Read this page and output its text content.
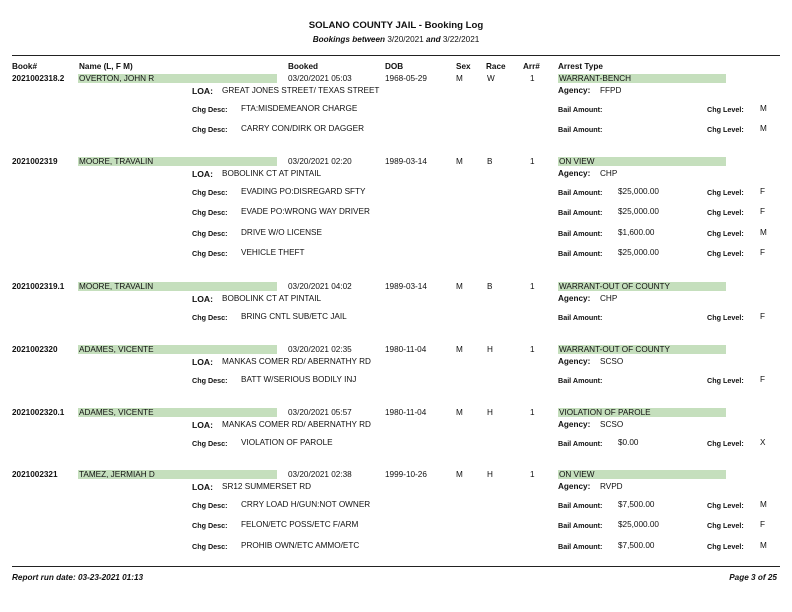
SOLANO COUNTY JAIL - Booking Log
Bookings between 3/20/2021 and 3/22/2021
Book#	Name (L, F M)	Booked	DOB	Sex Race Arr# Arrest Type
2021002318.2 OVERTON, JOHN R	03/20/2021 05:03	1968-05-29	M	W	1	WARRANT-BENCH
LOA: GREAT JONES STREET/ TEXAS STREET	Agency: FFPD
Chg Desc: FTA:MISDEMEANOR CHARGE	Bail Amount:	Chg Level: M
Chg Desc: CARRY CON/DIRK OR DAGGER	Bail Amount:	Chg Level: M
2021002319	MOORE, TRAVALIN	03/20/2021 02:20	1989-03-14	M	B	1	ON VIEW
LOA: BOBOLINK CT AT PINTAIL	Agency: CHP
Chg Desc: EVADING PO:DISREGARD SFTY	Bail Amount: $25,000.00	Chg Level: F
Chg Desc: EVADE PO:WRONG WAY DRIVER	Bail Amount: $25,000.00	Chg Level: F
Chg Desc: DRIVE W/O LICENSE	Bail Amount: $1,600.00	Chg Level: M
Chg Desc: VEHICLE THEFT	Bail Amount: $25,000.00	Chg Level: F
2021002319.1 MOORE, TRAVALIN	03/20/2021 04:02	1989-03-14	M	B	1	WARRANT-OUT OF COUNTY
LOA: BOBOLINK CT AT PINTAIL	Agency: CHP
Chg Desc: BRING CNTL SUB/ETC JAIL	Bail Amount:	Chg Level: F
2021002320	ADAMES, VICENTE	03/20/2021 02:35	1980-11-04	M	H	1	WARRANT-OUT OF COUNTY
LOA: MANKAS COMER RD/ ABERNATHY RD	Agency: SCSO
Chg Desc: BATT W/SERIOUS BODILY INJ	Bail Amount:	Chg Level: F
2021002320.1 ADAMES, VICENTE	03/20/2021 05:57	1980-11-04	M	H	1	VIOLATION OF PAROLE
LOA: MANKAS COMER RD/ ABERNATHY RD	Agency: SCSO
Chg Desc: VIOLATION OF PAROLE	Bail Amount: $0.00	Chg Level: X
2021002321	TAMEZ, JERMIAH D	03/20/2021 02:38	1999-10-26	M	H	1	ON VIEW
LOA: SR12 SUMMERSET RD	Agency: RVPD
Chg Desc: CRRY LOAD H/GUN:NOT OWNER	Bail Amount: $7,500.00	Chg Level: M
Chg Desc: FELON/ETC POSS/ETC F/ARM	Bail Amount: $25,000.00	Chg Level: F
Chg Desc: PROHIB OWN/ETC AMMO/ETC	Bail Amount: $7,500.00	Chg Level: M
Report run date: 03-23-2021 01:13	Page 3 of 25
